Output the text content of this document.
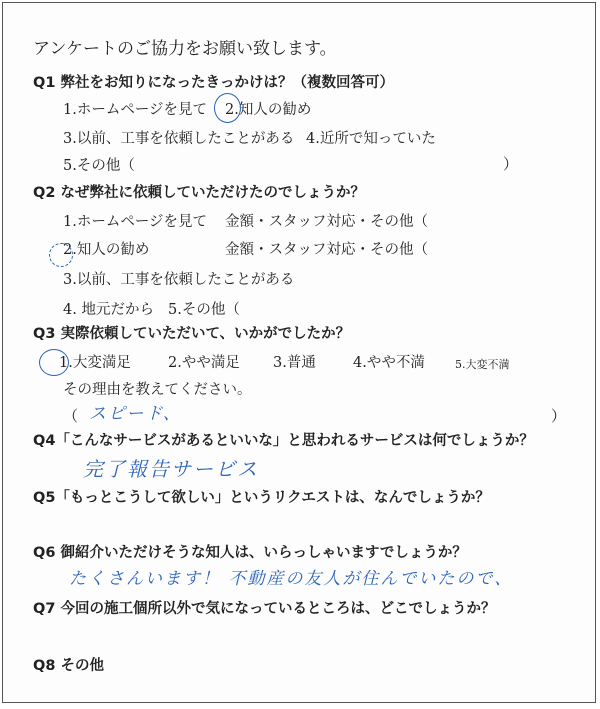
アンケートのご協力をお願い致します。
Q1 弊社をお知りになったきっかけは？（複数回答可）
1.ホームページを見て 2.知人の勧め
3.以前、工事を依頼したことがある 4.近所で知っていた
5.その他（	）
Q2 なぜ弊社に依頼していただけたのでしょうか？
1.ホームページを見て 金額・スタッフ対応・その他（
2.知人の勧め	金額・スタッフ対応・その他（
3.以前、工事を依頼したことがある
4. 地元だから 5.その他（
Q3 実際依頼していただいて、いかがでしたか？
1.大変満足	2.やや満足 3.普通	4.やや不満	5.大変不満
その理由を教えてください。
（ スピード、	）
Q4「こんなサービスがあるといいな」と思われるサービスは何でしょうか？
完了報告サービス
Q5「もっとこうして欲しい」というリクエストは、なんでしょうか？
Q6 御紹介いただけそうな知人は、いらっしゃいますでしょうか？
たくさんいます！ 不動産の友人が住んでいたので、
Q7 今回の施工個所以外で気になっているところは、どこでしょうか？
Q8 その他
